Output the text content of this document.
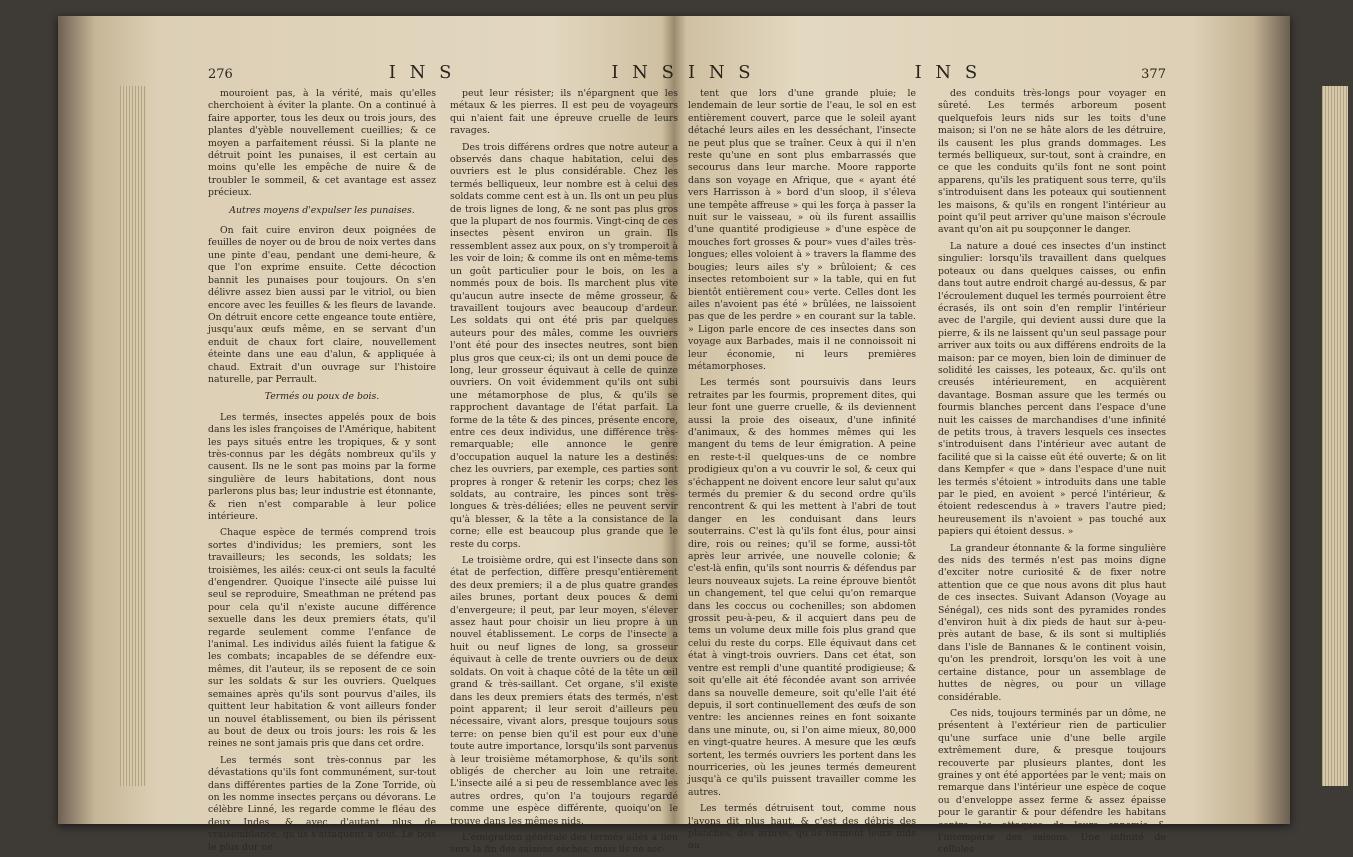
276	I N S	I N S

mouroient pas, à la vérité, mais qu'elles cherchoient à éviter la plante. On a continué à faire apporter, tous les deux ou trois jours, des plantes d'yèble nouvellement cueillies; & ce moyen a parfaitement réussi. Si la plante ne détruit point les punaises, il est certain au moins qu'elle les empêche de nuire & de troubler le sommeil, & cet avantage est assez précieux.

Autres moyens d'expulser les punaises.

On fait cuire environ deux poignées de feuilles de noyer ou de brou de noix vertes dans une pinte d'eau, pendant une demi-heure, & que l'on exprime ensuite. Cette décoction bannit les punaises pour toujours. On s'en délivre assez bien aussi par le vitriol, ou bien encore avec les feuilles & les fleurs de lavande. On détruit encore cette engeance toute entière, jusqu'aux œufs même, en se servant d'un enduit de chaux fort claire, nouvellement éteinte dans une eau d'alun, & appliquée à chaud. Extrait d'un ouvrage sur l'histoire naturelle, par Perrault.

Termés ou poux de bois.

Les termés, insectes appelés poux de bois dans les isles françoises de l'Amérique, habitent les pays situés entre les tropiques, & y sont très-connus par les dégâts nombreux qu'ils y causent. Ils ne le sont pas moins par la forme singulière de leurs habitations, dont nous parlerons plus bas; leur industrie est étonnante, & rien n'est comparable à leur police intérieure.

Chaque espèce de termés comprend trois sortes d'individus; les premiers, sont les travailleurs; les seconds, les soldats; les troisièmes, les ailés: ceux-ci ont seuls la faculté d'engendrer. Quoique l'insecte ailé puisse lui seul se reproduire, Smeathman ne prétend pas pour cela qu'il n'existe aucune différence sexuelle dans les deux premiers états, qu'il regarde seulement comme l'enfance de l'animal. Les individus ailés fuient la fatigue & les combats; incapables de se défendre eux-mêmes, dit l'auteur, ils se reposent de ce soin sur les soldats & sur les ouvriers. Quelques semaines après qu'ils sont pourvus d'ailes, ils quittent leur habitation & vont ailleurs fonder un nouvel établissement, ou bien ils périssent au bout de deux ou trois jours: les rois & les reines ne sont jamais pris que dans cet ordre.

Les termés sont très-connus par les dévastations qu'ils font communément, sur-tout dans différentes parties de la Zone Torride, où on les nomme insectes perçans ou dévorans. Le célèbre Linné, les regarde comme le fléau des deux Indes, & avec d'autant plus de vraisemblance, qu'ils s'attaquent à tout. Le bois le plus dur ne

peut leur résister; ils n'épargnent que les métaux & les pierres. Il est peu de voyageurs qui n'aient fait une épreuve cruelle de leurs ravages.

Des trois différens ordres que notre auteur a observés dans chaque habitation, celui des ouvriers est le plus considérable. Chez les termés belliqueux, leur nombre est à celui des soldats comme cent est à un. Ils ont un peu plus de trois lignes de long, & ne sont pas plus gros que la plupart de nos fourmis. Vingt-cinq de ces insectes pèsent environ un grain. Ils ressemblent assez aux poux, on s'y tromperoit à les voir de loin; & comme ils ont en même-tems un goût particulier pour le bois, on les a nommés poux de bois. Ils marchent plus vite qu'aucun autre insecte de même grosseur, & travaillent toujours avec beaucoup d'ardeur. Les soldats qui ont été pris par quelques auteurs pour des mâles, comme les ouvriers l'ont été pour des insectes neutres, sont bien plus gros que ceux-ci; ils ont un demi pouce de long, leur grosseur équivaut à celle de quinze ouvriers. On voit évidemment qu'ils ont subi une métamorphose de plus, & qu'ils se rapprochent davantage de l'état parfait. La forme de la tête & des pinces, présente encore, entre ces deux individus, une différence très-remarquable; elle annonce le genre d'occupation auquel la nature les a destinés: chez les ouvriers, par exemple, ces parties sont propres à ronger & retenir les corps; chez les soldats, au contraire, les pinces sont très-longues & très-déliées; elles ne peuvent servir qu'à blesser, & la tête a la consistance de la corne; elle est beaucoup plus grande que le reste du corps.

Le troisième ordre, qui est l'insecte dans son état de perfection, diffère presqu'entièrement des deux premiers; il a de plus quatre grandes ailes brunes, portant deux pouces & demi d'envergeure; il peut, par leur moyen, s'élever assez haut pour choisir un lieu propre à un nouvel établissement. Le corps de l'insecte a huit ou neuf lignes de long, sa grosseur équivaut à celle de trente ouvriers ou de deux soldats. On voit à chaque côté de la tête un œil grand & très-saillant. Cet organe, s'il existe dans les deux premiers états des termés, n'est point apparent; il leur seroit d'ailleurs peu nécessaire, vivant alors, presque toujours sous terre: on pense bien qu'il est pour eux d'une toute autre importance, lorsqu'ils sont parvenus à leur troisième métamorphose, & qu'ils sont obligés de chercher au loin une retraite. L'insecte ailé a si peu de ressemblance avec les autres ordres, qu'on l'a toujours regardé comme une espèce différente, quoiqu'on le trouve dans les mêmes nids.

L'émigration générale des termés ailés a lieu vers la fin des saisons sèches, mais ils ne sor-

I N S	I N S	377

tent que lors d'une grande pluie; le lendemain de leur sortie de l'eau, le sol en est entièrement couvert, parce que le soleil ayant détaché leurs ailes en les desséchant, l'insecte ne peut plus que se traîner. Ceux à qui il n'en reste qu'une en sont plus embarrassés que secourus dans leur marche. Moore rapporte dans son voyage en Afrique, que « ayant été vers Harrisson à » bord d'un sloop, il s'éleva une tempête affreuse » qui les força à passer la nuit sur le vaisseau, » où ils furent assaillis d'une quantité prodigieuse » d'une espèce de mouches fort grosses & pour» vues d'ailes très-longues; elles voloient à » travers la flamme des bougies; leurs ailes s'y » brûloient; & ces insectes retomboient sur » la table, qui en fut bientôt entièrement cou» verte. Celles dont les ailes n'avoient pas été » brûlées, ne laissoient pas que de les perdre » en courant sur la table. » Ligon parle encore de ces insectes dans son voyage aux Barbades, mais il ne connoissoit ni leur économie, ni leurs premières métamorphoses.

Les termés sont poursuivis dans leurs retraites par les fourmis, proprement dites, qui leur font une guerre cruelle, & ils deviennent aussi la proie des oiseaux, d'une infinité d'animaux, & des hommes mêmes qui les mangent du tems de leur émigration. A peine en reste-t-il quelques-uns de ce nombre prodigieux qu'on a vu couvrir le sol, & ceux qui s'échappent ne doivent encore leur salut qu'aux termés du premier & du second ordre qu'ils rencontrent & qui les mettent à l'abri de tout danger en les conduisant dans leurs souterrains. C'est là qu'ils font élus, pour ainsi dire, rois ou reines; qu'il se forme, aussi-tôt après leur arrivée, une nouvelle colonie; & c'est-là enfin, qu'ils sont nourris & défendus par leurs nouveaux sujets. La reine éprouve bientôt un changement, tel que celui qu'on remarque dans les coccus ou cochenilles; son abdomen grossit peu-à-peu, & il acquiert dans peu de tems un volume deux mille fois plus grand que celui du reste du corps. Elle équivaut dans cet état à vingt-trois ouvriers. Dans cet état, son ventre est rempli d'une quantité prodigieuse; & soit qu'elle ait été fécondée avant son arrivée dans sa nouvelle demeure, soit qu'elle l'ait été depuis, il sort continuellement des œufs de son ventre: les anciennes reines en font soixante dans une minute, ou, si l'on aime mieux, 80,000 en vingt-quatre heures. A mesure que les œufs sortent, les termés ouvriers les portent dans les nourriceries, où les jeunes termés demeurent jusqu'à ce qu'ils puissent travailler comme les autres.

Les termés détruisent tout, comme nous l'avons dit plus haut, & c'est des débris des planches, des arbres, qu'ils forment leurs nids ou

des conduits très-longs pour voyager en sûreté. Les termés arboreum posent quelquefois leurs nids sur les toits d'une maison; si l'on ne se hâte alors de les détruire, ils causent les plus grands dommages. Les termés belliqueux, sur-tout, sont à craindre, en ce que les conduits qu'ils font ne sont point apparens, qu'ils les pratiquent sous terre, qu'ils s'introduisent dans les poteaux qui soutiennent les maisons, & qu'ils en rongent l'intérieur au point qu'il peut arriver qu'une maison s'écroule avant qu'on ait pu soupçonner le danger.

La nature a doué ces insectes d'un instinct singulier: lorsqu'ils travaillent dans quelques poteaux ou dans quelques caisses, ou enfin dans tout autre endroit chargé au-dessus, & par l'écroulement duquel les termés pourroient être écrasés, ils ont soin d'en remplir l'intérieur avec de l'argile, qui devient aussi dure que la pierre, & ils ne laissent qu'un seul passage pour arriver aux toits ou aux différens endroits de la maison: par ce moyen, bien loin de diminuer de solidité les caisses, les poteaux, &c. qu'ils ont creusés intérieurement, en acquièrent davantage. Bosman assure que les termés ou fourmis blanches percent dans l'espace d'une nuit les caisses de marchandises d'une infinité de petits trous, à travers lesquels ces insectes s'introduisent dans l'intérieur avec autant de facilité que si la caisse eût été ouverte; & on lit dans Kempfer « que » dans l'espace d'une nuit les termés s'étoient » introduits dans une table par le pied, en avoient » percé l'intérieur, & étoient redescendus à » travers l'autre pied; heureusement ils n'avoient » pas touché aux papiers qui étoient dessus. »

La grandeur étonnante & la forme singulière des nids des termés n'est pas moins digne d'exciter notre curiosité & de fixer notre attention que ce que nous avons dit plus haut de ces insectes. Suivant Adanson (Voyage au Sénégal), ces nids sont des pyramides rondes d'environ huit à dix pieds de haut sur à-peu-près autant de base, & ils sont si multipliés dans l'isle de Bannanes & le continent voisin, qu'on les prendroit, lorsqu'on les voit à une certaine distance, pour un assemblage de huttes de nègres, ou pour un village considérable.

Ces nids, toujours terminés par un dôme, ne présentent à l'extérieur rien de particulier qu'une surface unie d'une belle argile extrêmement dure, & presque toujours recouverte par plusieurs plantes, dont les graines y ont été apportées par le vent; mais on remarque dans l'intérieur une espèce de coque ou d'enveloppe assez ferme & assez épaisse pour le garantir & pour défendre les habitans contre les attaques de leurs ennemis & l'intempérie des saisons. Une infinité de cellules
